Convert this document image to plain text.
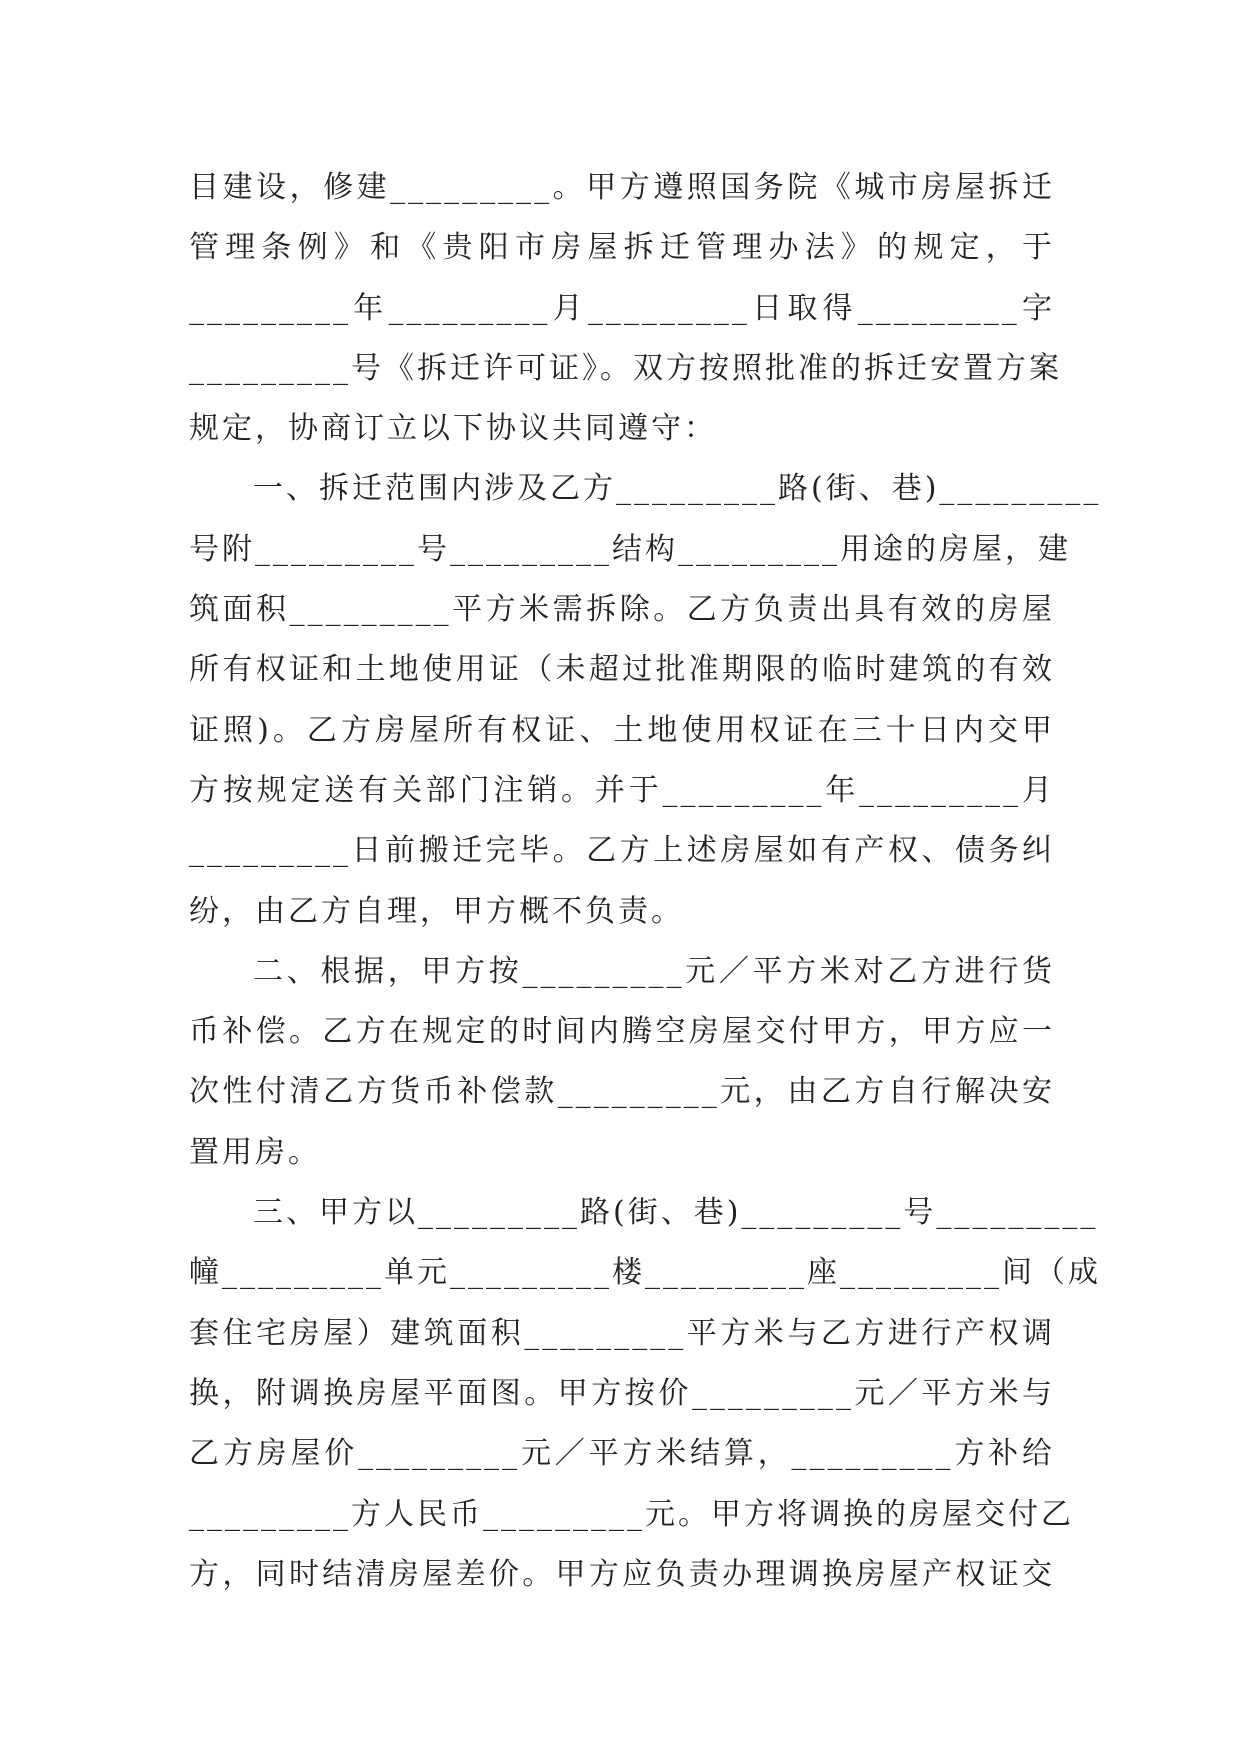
目建设，修建_________。甲方遵照国务院《城市房屋拆迁
管理条例》和《贵阳市房屋拆迁管理办法》的规定，于
_________年_________月_________日取得_________字
_________号《拆迁许可证》。双方按照批准的拆迁安置方案
规定，协商订立以下协议共同遵守：
一、拆迁范围内涉及乙方_________路(街、巷)_________
号附_________号_________结构_________用途的房屋，建
筑面积_________平方米需拆除。乙方负责出具有效的房屋
所有权证和土地使用证（未超过批准期限的临时建筑的有效
证照)。乙方房屋所有权证、土地使用权证在三十日内交甲
方按规定送有关部门注销。并于_________年_________月
_________日前搬迁完毕。乙方上述房屋如有产权、债务纠
纷，由乙方自理，甲方概不负责。
二、根据，甲方按_________元／平方米对乙方进行货
币补偿。乙方在规定的时间内腾空房屋交付甲方，甲方应一
次性付清乙方货币补偿款_________元，由乙方自行解决安
置用房。
三、甲方以_________路(街、巷)_________号_________
幢_________单元_________楼_________座_________间（成
套住宅房屋）建筑面积_________平方米与乙方进行产权调
换，附调换房屋平面图。甲方按价_________元／平方米与
乙方房屋价_________元／平方米结算，_________方补给
_________方人民币_________元。甲方将调换的房屋交付乙
方，同时结清房屋差价。甲方应负责办理调换房屋产权证交
